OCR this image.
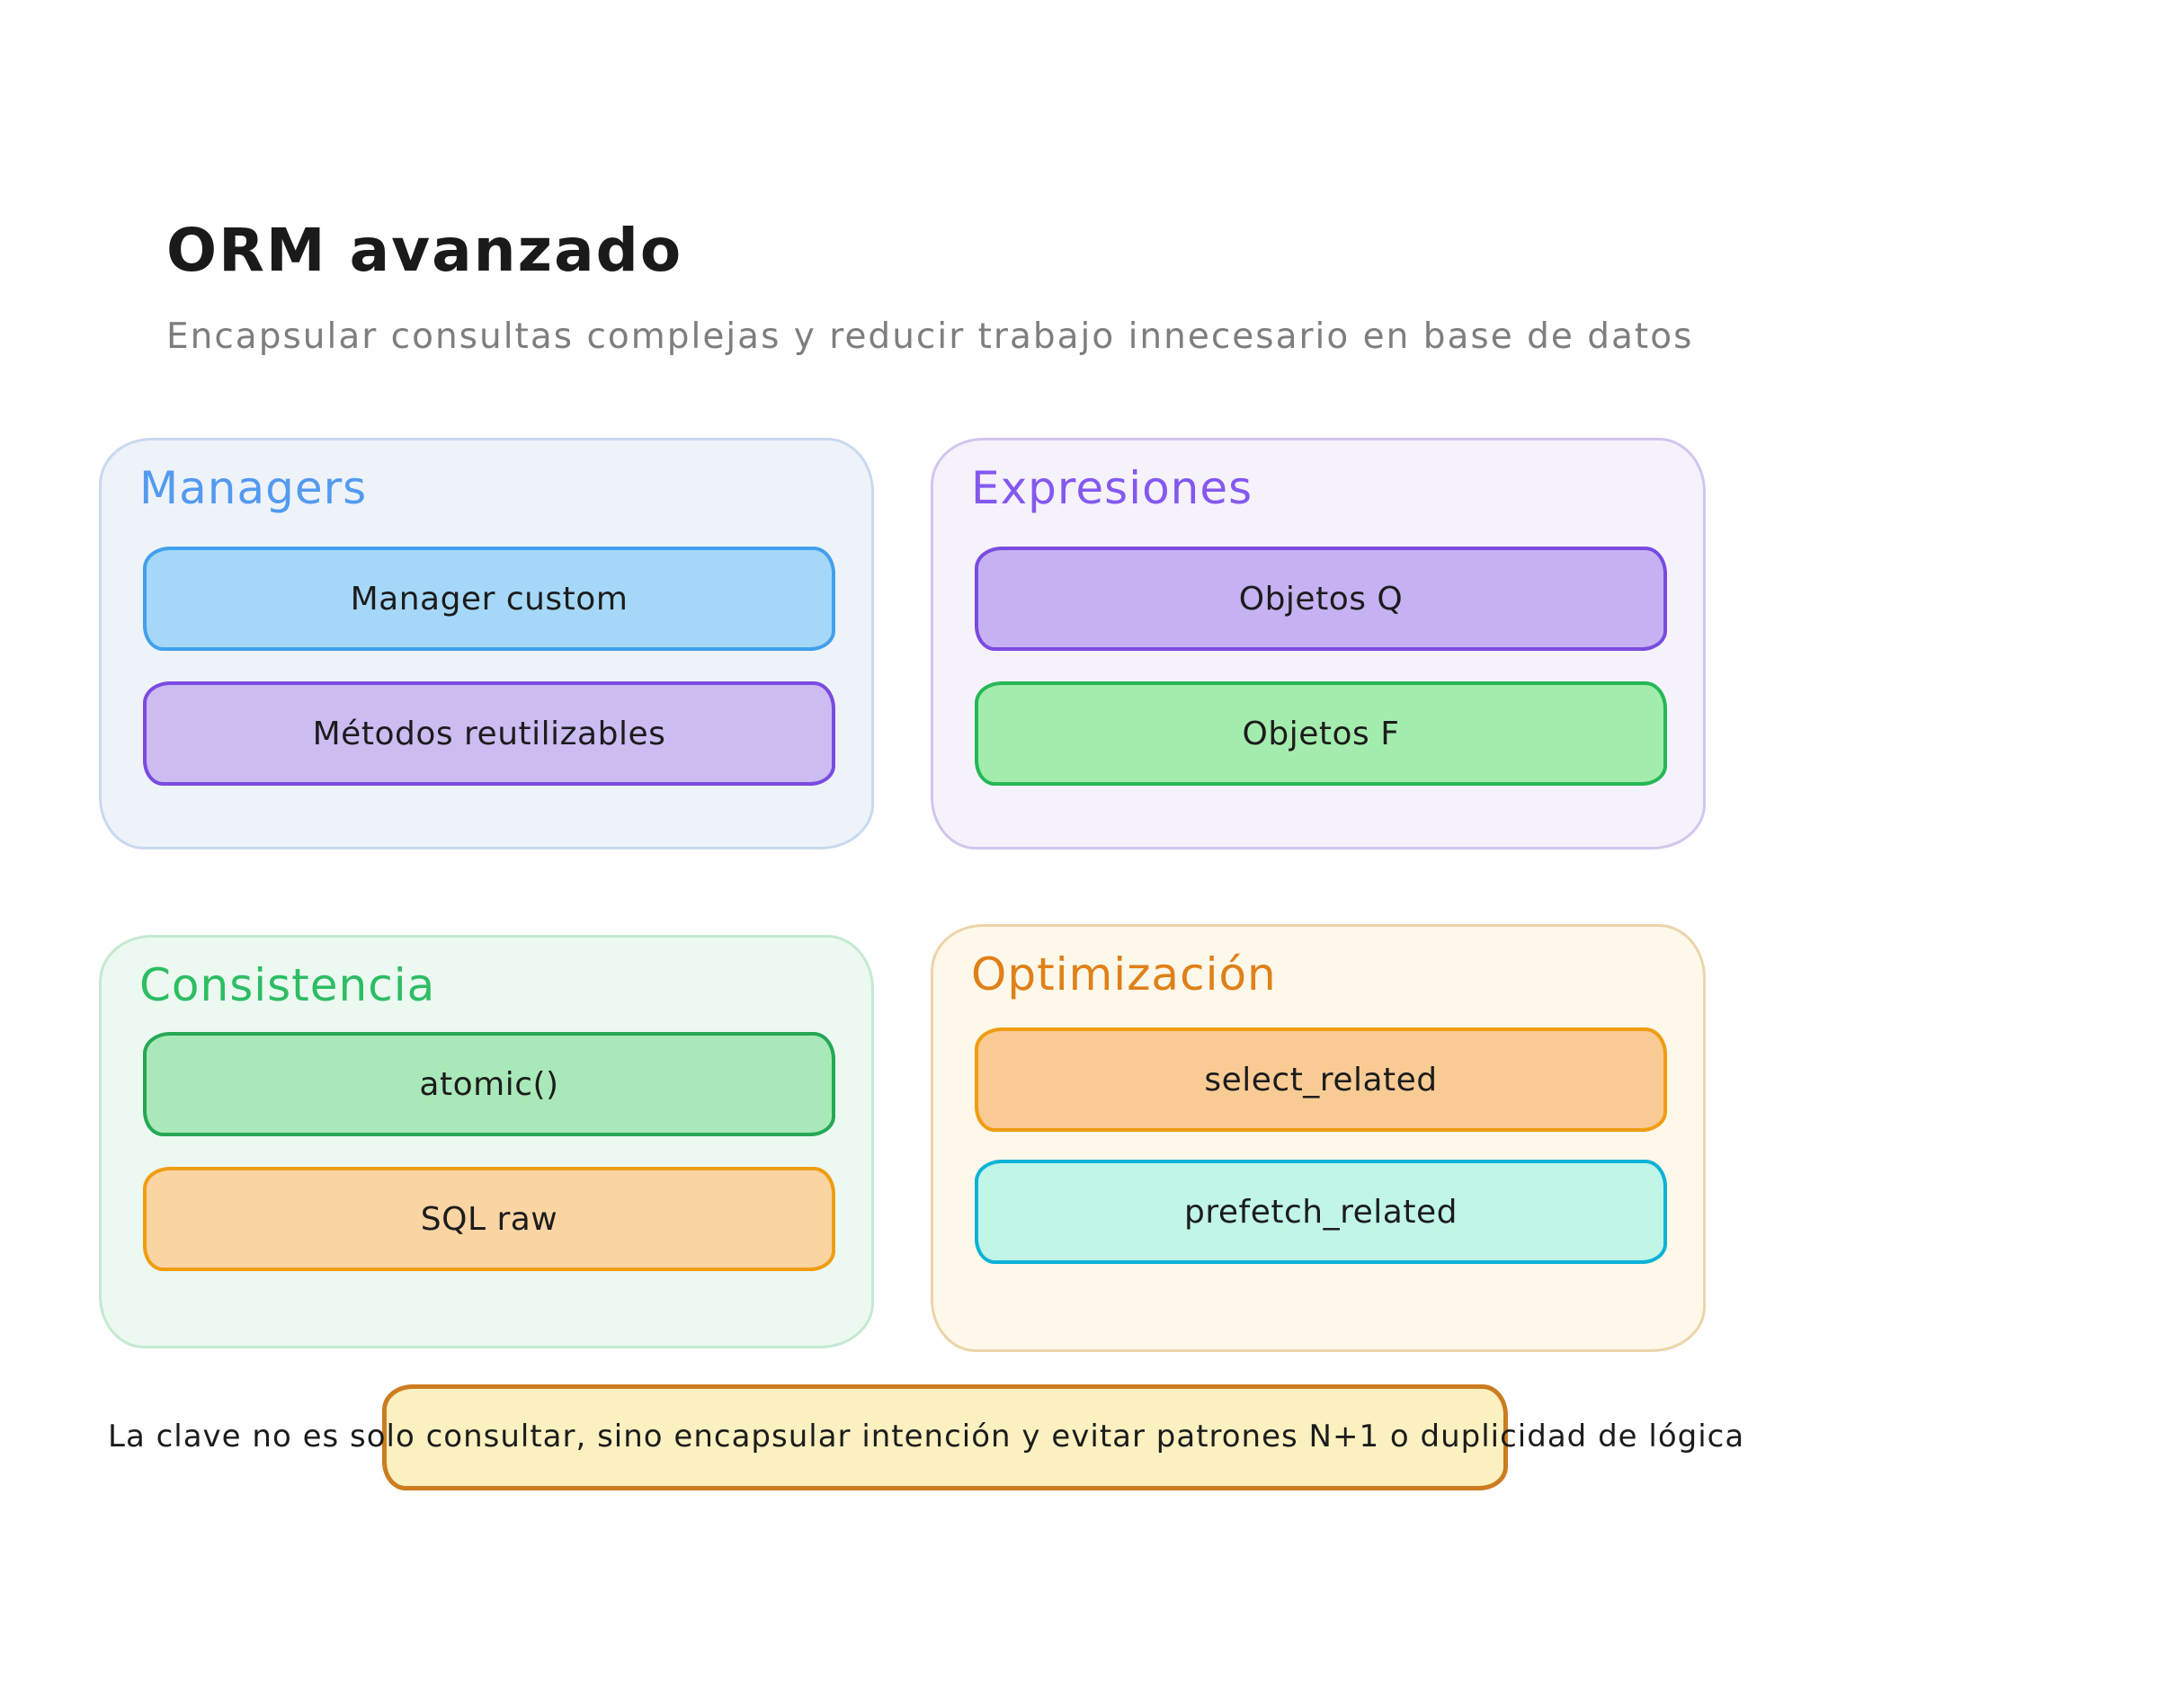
ORM avanzado

Encapsular consultas complejas y reducir trabajo innecesario en base de datos

Managers
Manager custom
Métodos reutilizables
Expresiones
Objetos Q
Objetos F
Consistencia
atomic()
SQL raw
Optimización
select_related
prefetch_related
La clave no es solo consultar, sino encapsular intención y evitar patrones N+1 o duplicidad de lógica
